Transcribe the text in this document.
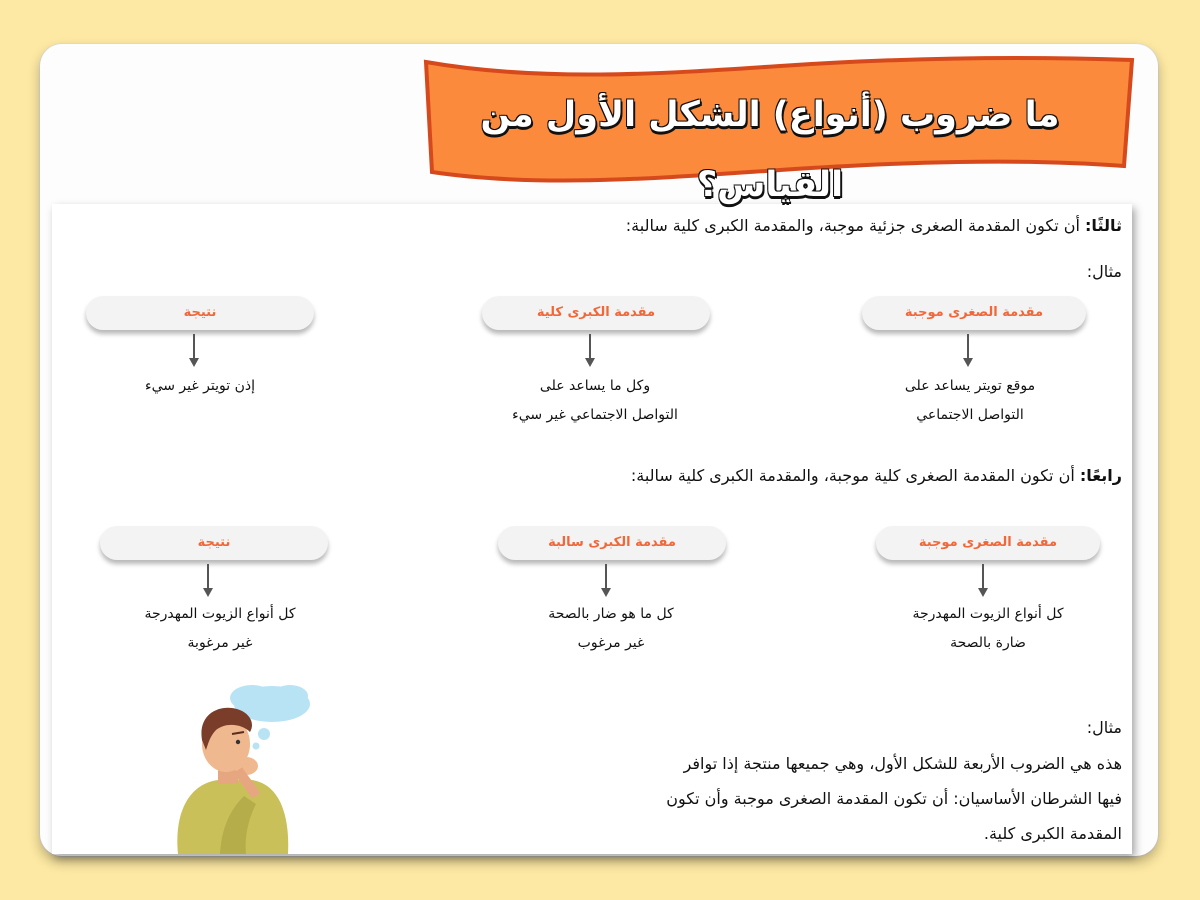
ما ضروب (أنواع) الشكل الأول من القياس؟
ثالثًا: أن تكون المقدمة الصغرى جزئية موجبة، والمقدمة الكبرى كلية سالبة:
مثال:
مقدمة الصغرى موجبة
مقدمة الكبرى كلية
نتيجة
موقع تويتر يساعد على
التواصل الاجتماعي
وكل ما يساعد على
التواصل الاجتماعي غير سيء
إذن تويتر غير سيء
رابعًا: أن تكون المقدمة الصغرى كلية موجبة، والمقدمة الكبرى كلية سالبة:
مقدمة الصغرى موجبة
مقدمة الكبرى سالبة
نتيجة
كل أنواع الزيوت المهدرجة
ضارة بالصحة
كل ما هو ضار بالصحة
غير مرغوب
كل أنواع الزيوت المهدرجة
غير مرغوبة
مثال:
هذه هي الضروب الأربعة للشكل الأول، وهي جميعها منتجة إذا توافر
فيها الشرطان الأساسيان: أن تكون المقدمة الصغرى موجبة وأن تكون
المقدمة الكبرى كلية.
